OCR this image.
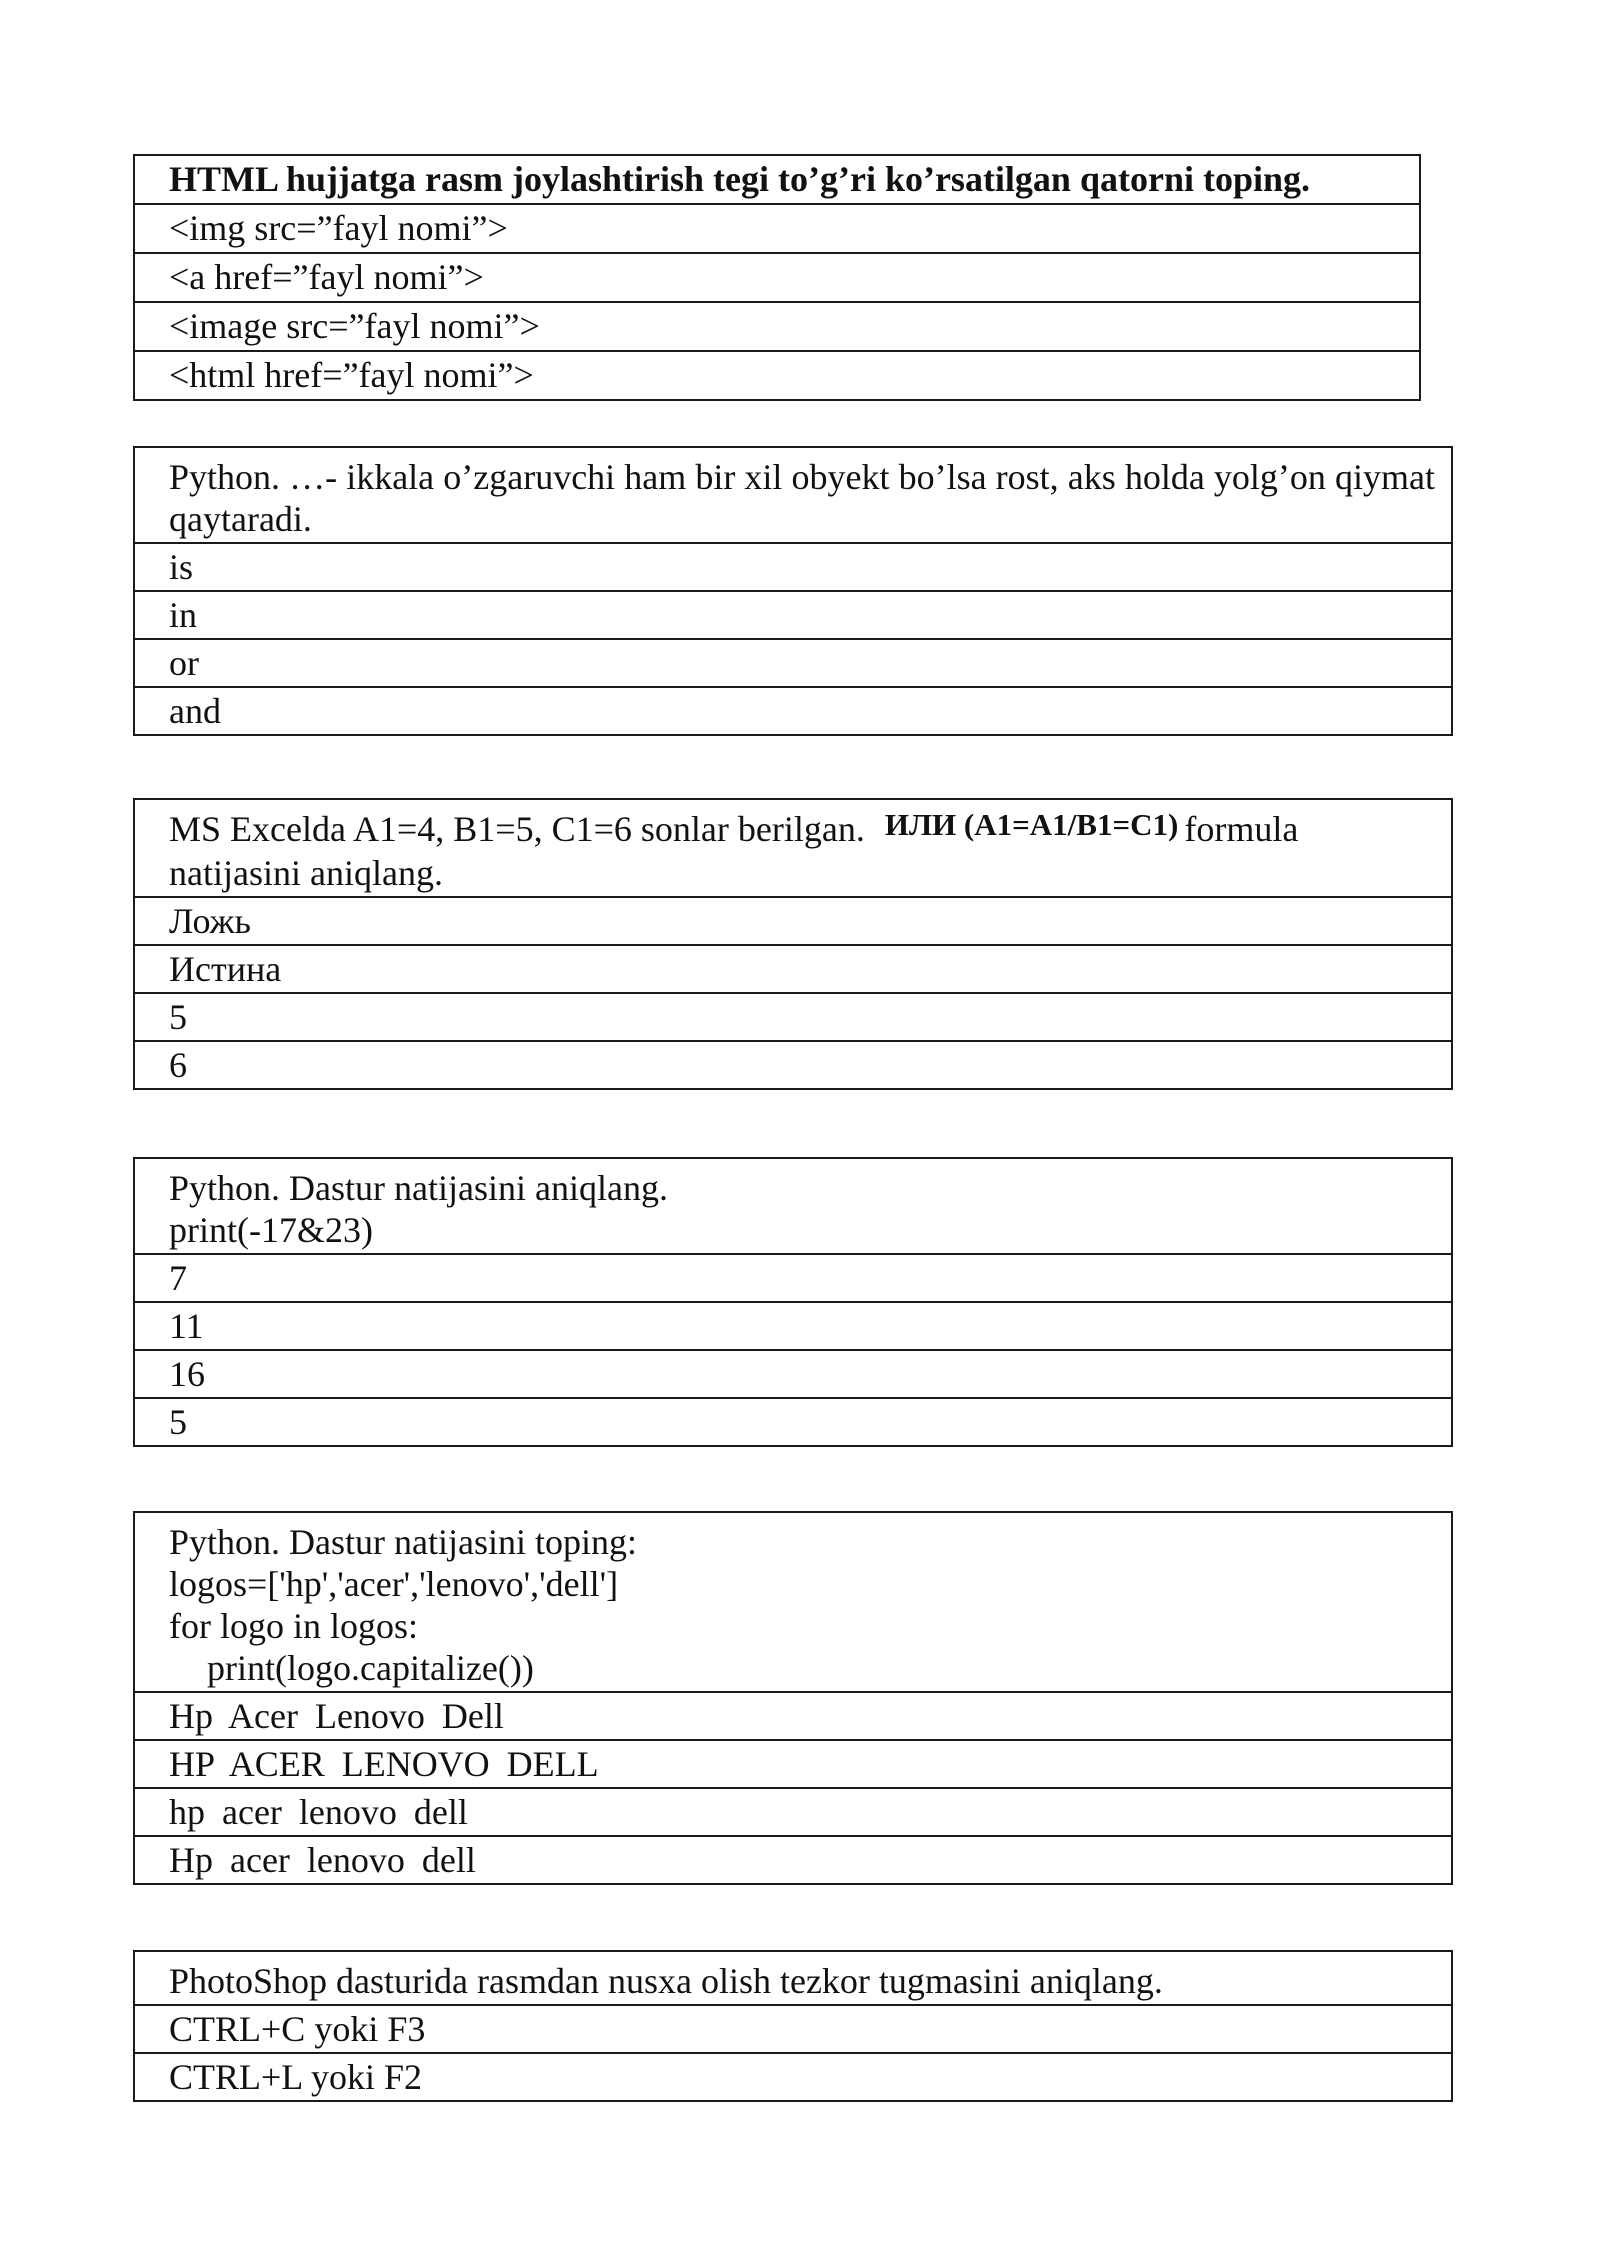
HTML hujjatga rasm joylashtirish tegi to’g’ri ko’rsatilgan qatorni toping.
<img src=”fayl nomi”>
<a href=”fayl nomi”>
<image src=”fayl nomi”>
<html href=”fayl nomi”>
Python. …- ikkala o’zgaruvchi ham bir xil obyekt bo’lsa rost, aks holda yolg’on qiymat qaytaradi.
is
in
or
and
MS Excelda A1=4, B1=5, C1=6 sonlar berilgan. ИЛИ (A1=A1/B1=C1) formula natijasini aniqlang.
Ложь
Истина
5
6
Python. Dastur natijasini aniqlang.
print(-17&23)

7
11
16
5
Python. Dastur natijasini toping:
logos=['hp','acer','lenovo','dell']
for logo in logos:
print(logo.capitalize())

Hp Acer Lenovo Dell
HP ACER LENOVO DELL
hp acer lenovo dell
Hp acer lenovo dell
PhotoShop dasturida rasmdan nusxa olish tezkor tugmasini aniqlang.
CTRL+C yoki F3
CTRL+L yoki F2
